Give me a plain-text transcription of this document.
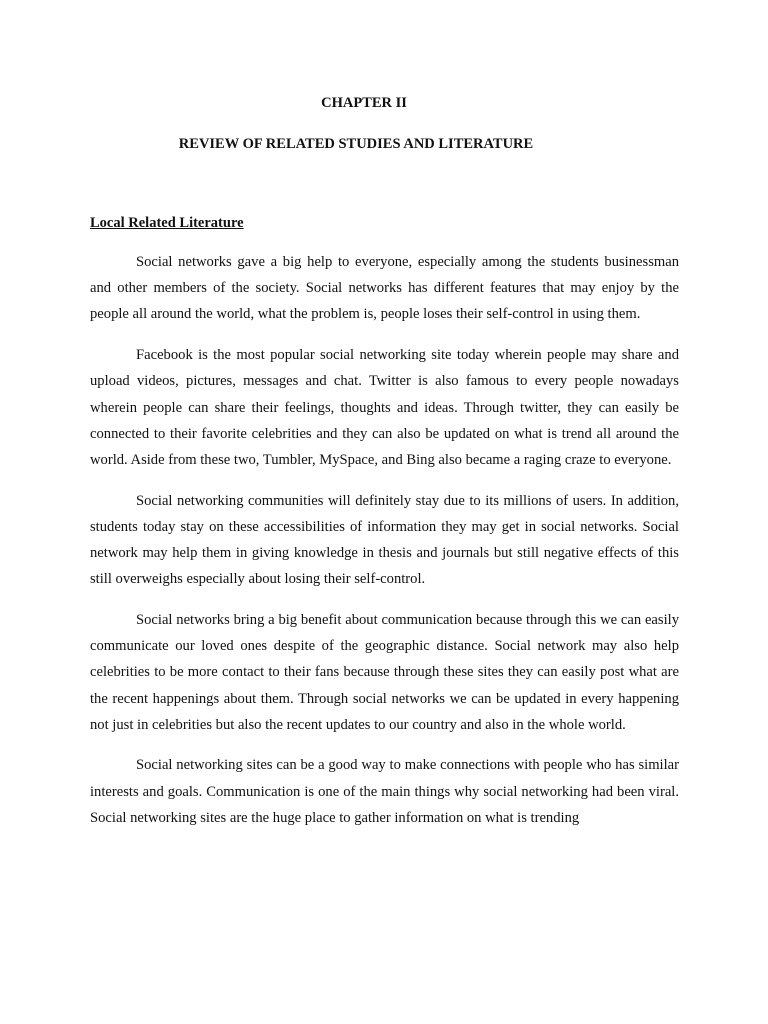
CHAPTER II
REVIEW OF RELATED STUDIES AND LITERATURE
Local Related Literature

Social networks gave a big help to everyone, especially among the students businessman and other members of the society. Social networks has different features that may enjoy by the people all around the world, what the problem is, people loses their self-control in using them.

Facebook is the most popular social networking site today wherein people may share and upload videos, pictures, messages and chat. Twitter is also famous to every people nowadays wherein people can share their feelings, thoughts and ideas. Through twitter, they can easily be connected to their favorite celebrities and they can also be updated on what is trend all around the world. Aside from these two, Tumbler, MySpace, and Bing also became a raging craze to everyone.

Social networking communities will definitely stay due to its millions of users. In addition, students today stay on these accessibilities of information they may get in social networks. Social network may help them in giving knowledge in thesis and journals but still negative effects of this still overweighs especially about losing their self-control.

Social networks bring a big benefit about communication because through this we can easily communicate our loved ones despite of the geographic distance. Social network may also help celebrities to be more contact to their fans because through these sites they can easily post what are the recent happenings about them. Through social networks we can be updated in every happening not just in celebrities but also the recent updates to our country and also in the whole world.

Social networking sites can be a good way to make connections with people who has similar interests and goals. Communication is one of the main things why social networking had been viral. Social networking sites are the huge place to gather information on what is trending
